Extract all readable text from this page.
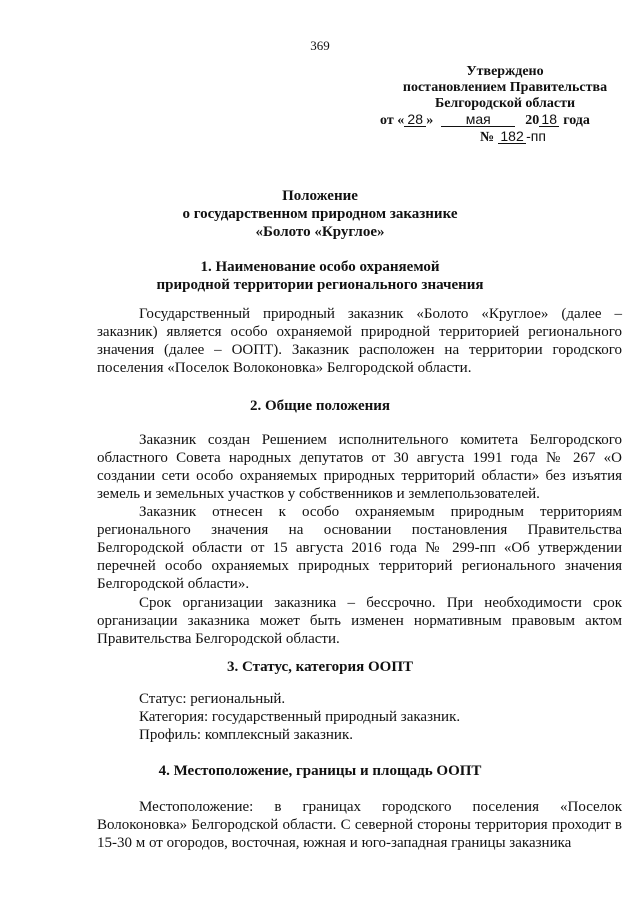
369
Утверждено
постановлением Правительства
Белгородской области
от « 28 »	мая	20 18 года
№ 182 -пп
Положение
о государственном природном заказнике
«Болото «Круглое»
1. Наименование особо охраняемой
природной территории регионального значения
Государственный природный заказник «Болото «Круглое» (далее – заказник) является особо охраняемой природной территорией регионального значения (далее – ООПТ). Заказник расположен на территории городского поселения «Поселок Волоконовка» Белгородской области.
2. Общие положения
Заказник создан Решением исполнительного комитета Белгородского областного Совета народных депутатов от 30 августа 1991 года № 267 «О создании сети особо охраняемых природных территорий области» без изъятия земель и земельных участков у собственников и землепользователей.
Заказник отнесен к особо охраняемым природным территориям регионального значения на основании постановления Правительства Белгородской области от 15 августа 2016 года № 299-пп «Об утверждении перечней особо охраняемых природных территорий регионального значения Белгородской области».
Срок организации заказника – бессрочно. При необходимости срок организации заказника может быть изменен нормативным правовым актом Правительства Белгородской области.
3. Статус, категория ООПТ
Статус: региональный.
Категория: государственный природный заказник.
Профиль: комплексный заказник.
4. Местоположение, границы и площадь ООПТ
Местоположение: в границах городского поселения «Поселок Волоконовка» Белгородской области. С северной стороны территория проходит в 15-30 м от огородов, восточная, южная и юго-западная границы заказника
